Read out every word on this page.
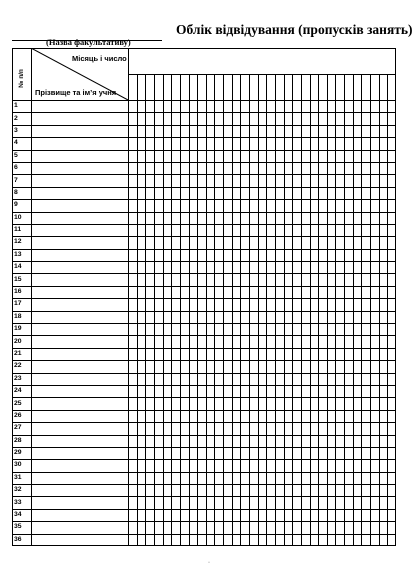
Облік відвідування (пропусків занять)
(Назва факультативу)
№ п/п
Місяць і число
Прізвище та ім’я учня
1
2
3
4
5
6
7
8
9
10
11
12
13
14
15
16
17
18
19
20
21
22
23
24
25
26
27
28
29
30
31
32
33
34
35
36
·
